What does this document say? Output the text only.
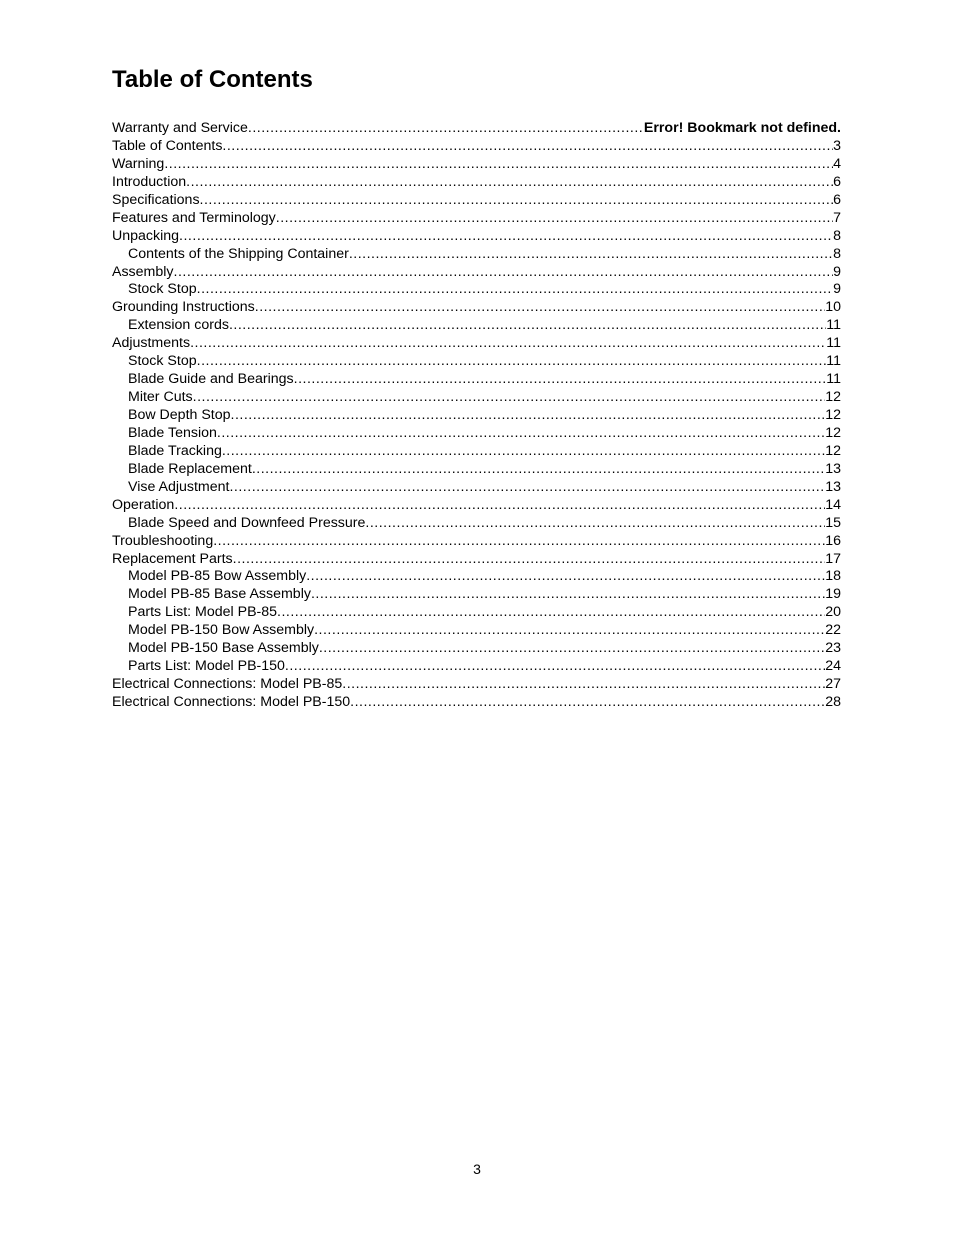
Table of Contents
Warranty and Service .....	Error! Bookmark not defined.
Table of Contents .....	3
Warning .....	4
Introduction .....	6
Specifications .....	6
Features and Terminology .....	7
Unpacking .....	8
Contents of the Shipping Container .....	8
Assembly .....	9
Stock Stop .....	9
Grounding Instructions .....	10
Extension cords .....	11
Adjustments .....	11
Stock Stop .....	11
Blade Guide and Bearings .....	11
Miter Cuts .....	12
Bow Depth Stop .....	12
Blade Tension .....	12
Blade Tracking .....	12
Blade Replacement .....	13
Vise Adjustment .....	13
Operation .....	14
Blade Speed and Downfeed Pressure .....	15
Troubleshooting .....	16
Replacement Parts .....	17
Model PB-85 Bow Assembly .....	18
Model PB-85 Base Assembly .....	19
Parts List: Model PB-85 .....	20
Model PB-150 Bow Assembly .....	22
Model PB-150 Base Assembly .....	23
Parts List: Model PB-150 .....	24
Electrical Connections: Model PB-85 .....	27
Electrical Connections: Model PB-150 .....	28
3
